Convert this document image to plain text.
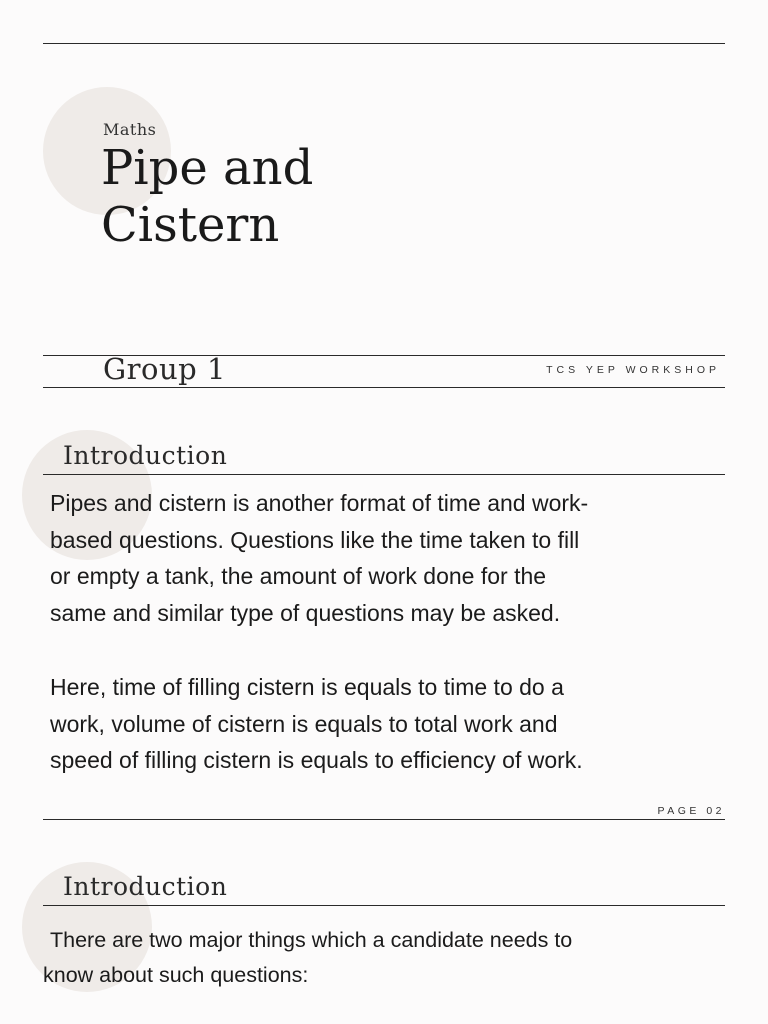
Maths
Pipe and
Cistern
Group 1	TCS YEP WORKSHOP
Introduction

Pipes and cistern is another format of time and work-
based questions. Questions like the time taken to fill
or empty a tank, the amount of work done for the
same and similar type of questions may be asked.

Here, time of filling cistern is equals to time to do a
work, volume of cistern is equals to total work and
speed of filling cistern is equals to efficiency of work.

PAGE 02
Introduction

There are two major things which a candidate needs to
know about such questions:
